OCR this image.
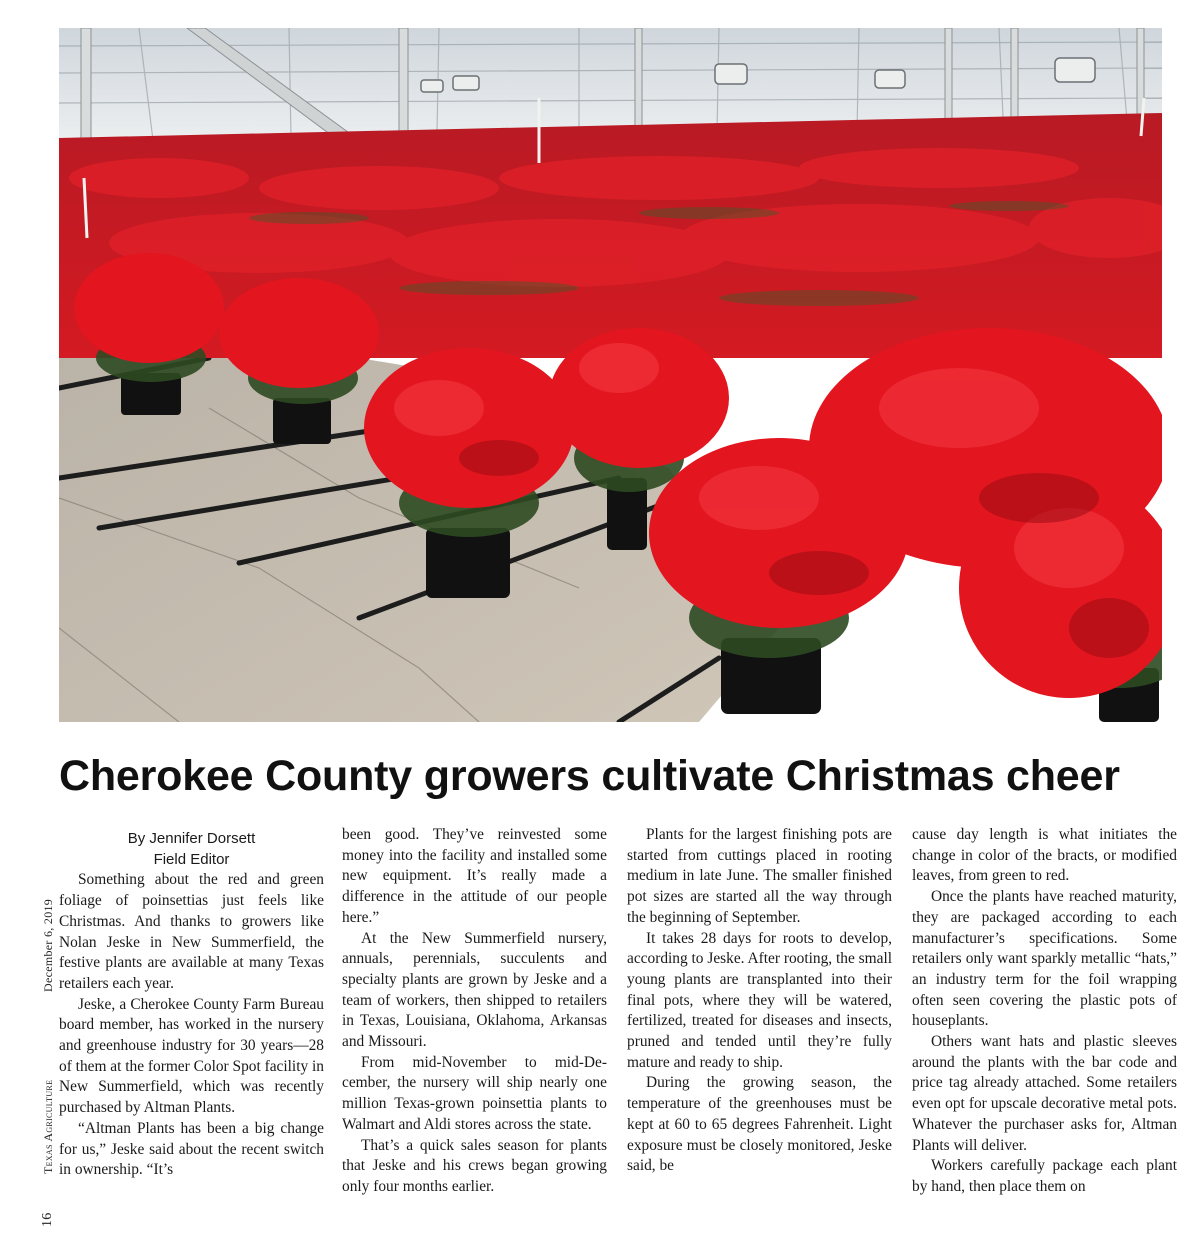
Cherokee County growers cultivate Christmas cheer
December 6, 2019
Texas Agriculture
16

By Jennifer Dorsett

Field Editor

Something about the red and green foliage of poinsettias just feels like Christmas. And thanks to growers like Nolan Jeske in New Summerfield, the festive plants are available at many Texas retailers each year.

Jeske, a Cherokee County Farm Bureau board member, has worked in the nursery and greenhouse industry for 30 years—28 of them at the former Color Spot facility in New Summerfield, which was recently purchased by Altman Plants.

“Altman Plants has been a big change for us,” Jeske said about the recent switch in ownership. “It’s

been good. They’ve reinvested some money into the facility and installed some new equipment. It’s really made a difference in the attitude of our people here.”

At the New Summerfield nursery, annuals, perennials, succulents and specialty plants are grown by Jeske and a team of workers, then shipped to retailers in Texas, Louisiana, Oklahoma, Arkansas and Missouri.

From mid-November to mid-December, the nursery will ship nearly one million Texas-grown poinsettia plants to Walmart and Aldi stores across the state.

That’s a quick sales season for plants that Jeske and his crews began growing only four months earlier.

Plants for the largest finishing pots are started from cuttings placed in rooting medium in late June. The smaller finished pot sizes are started all the way through the beginning of September.

It takes 28 days for roots to develop, according to Jeske. After rooting, the small young plants are transplanted into their final pots, where they will be watered, fertilized, treated for diseases and insects, pruned and tended until they’re fully mature and ready to ship.

During the growing season, the temperature of the greenhouses must be kept at 60 to 65 degrees Fahrenheit. Light exposure must be closely monitored, Jeske said, be

cause day length is what initiates the change in color of the bracts, or modified leaves, from green to red.

Once the plants have reached maturity, they are packaged according to each manufacturer’s specifications. Some retailers only want sparkly metallic “hats,” an industry term for the foil wrapping often seen covering the plastic pots of houseplants.

Others want hats and plastic sleeves around the plants with the bar code and price tag already attached. Some retailers even opt for upscale decorative metal pots. Whatever the purchaser asks for, Altman Plants will deliver.

Workers carefully package each plant by hand, then place them on
